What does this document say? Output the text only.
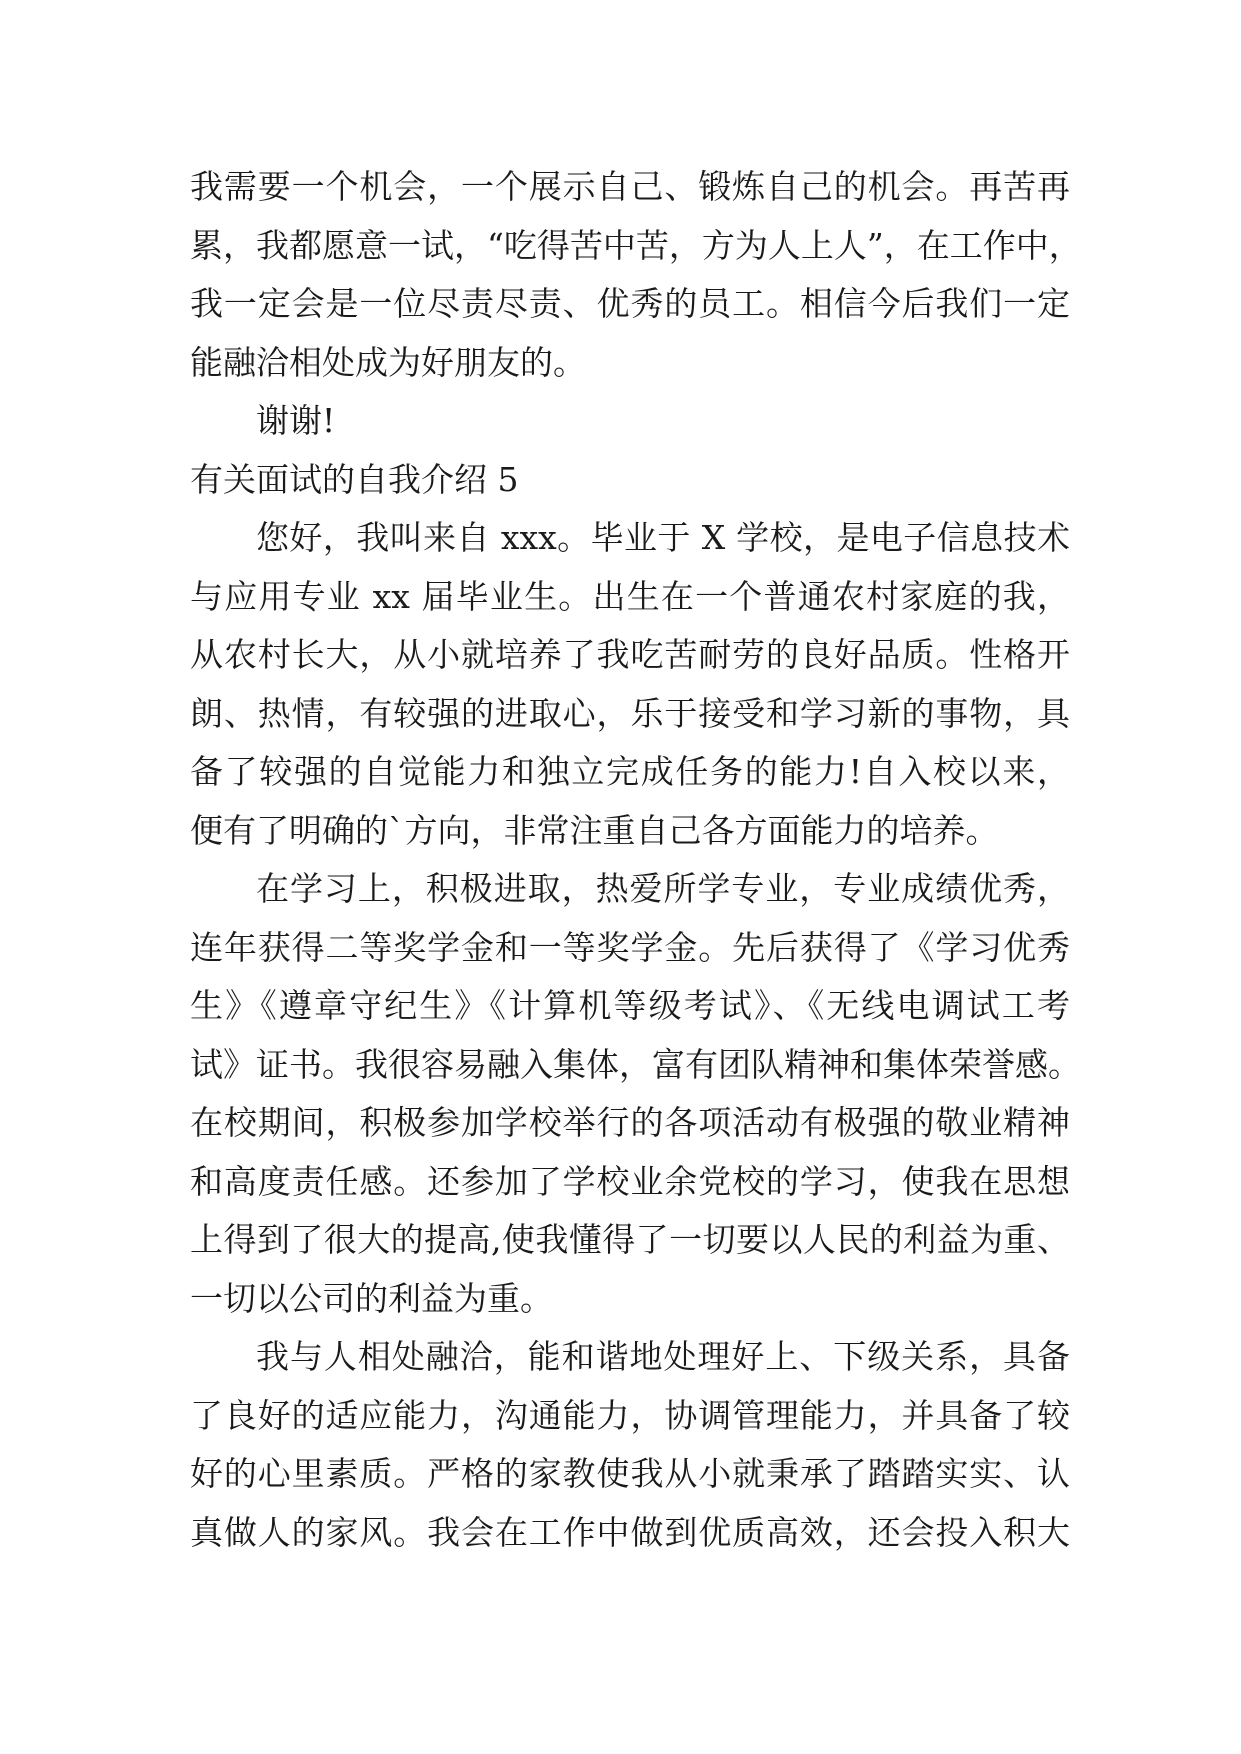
我需要一个机会，一个展示自己、锻炼自己的机会。再苦再
累，我都愿意一试，“吃得苦中苦，方为人上人”，在工作中，
我一定会是一位尽责尽责、优秀的员工。相信今后我们一定
能融洽相处成为好朋友的。
谢谢!
有关面试的自我介绍 5
您好，我叫来自 xxx。毕业于 X 学校，是电子信息技术
与应用专业 xx 届毕业生。出生在一个普通农村家庭的我，
从农村长大，从小就培养了我吃苦耐劳的良好品质。性格开
朗、热情，有较强的进取心，乐于接受和学习新的事物，具
备了较强的自觉能力和独立完成任务的能力!自入校以来，
便有了明确的`方向，非常注重自己各方面能力的培养。
在学习上，积极进取，热爱所学专业，专业成绩优秀，
连年获得二等奖学金和一等奖学金。先后获得了《学习优秀
生》《遵章守纪生》《计算机等级考试》、《无线电调试工考
试》证书。我很容易融入集体，富有团队精神和集体荣誉感。
在校期间，积极参加学校举行的各项活动有极强的敬业精神
和高度责任感。还参加了学校业余党校的学习，使我在思想
上得到了很大的提高,使我懂得了一切要以人民的利益为重、
一切以公司的利益为重。
我与人相处融洽，能和谐地处理好上、下级关系，具备
了良好的适应能力，沟通能力，协调管理能力，并具备了较
好的心里素质。严格的家教使我从小就秉承了踏踏实实、认
真做人的家风。我会在工作中做到优质高效，还会投入积大
